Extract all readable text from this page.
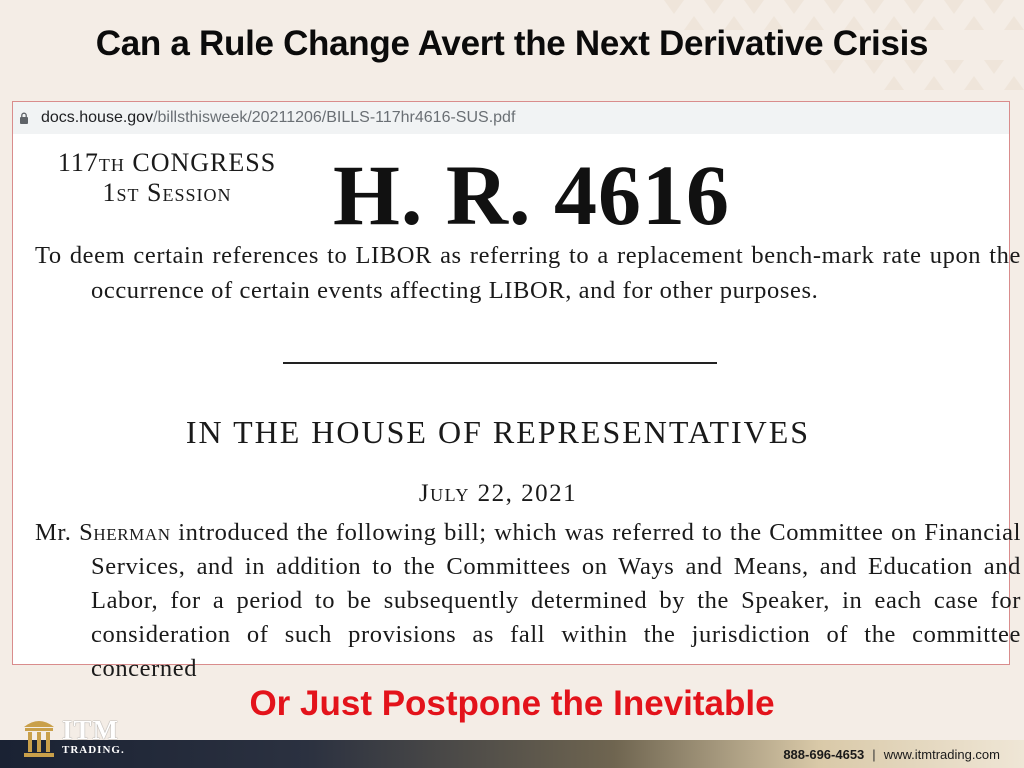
Can a Rule Change Avert the Next Derivative Crisis
docs.house.gov /billsthisweek/20211206/BILLS-117hr4616-SUS.pdf
117th CONGRESS
1st Session	H. R. 4616
To deem certain references to LIBOR as referring to a replacement bench-mark rate upon the occurrence of certain events affecting LIBOR, and for other purposes.
IN THE HOUSE OF REPRESENTATIVES
July 22, 2021
Mr. Sherman introduced the following bill; which was referred to the Committee on Financial Services, and in addition to the Committees on Ways and Means, and Education and Labor, for a period to be subsequently determined by the Speaker, in each case for consideration of such provisions as fall within the jurisdiction of the committee concerned
Or Just Postpone the Inevitable
ITM
TRADING.	888-696-4653 | www.itmtrading.com
